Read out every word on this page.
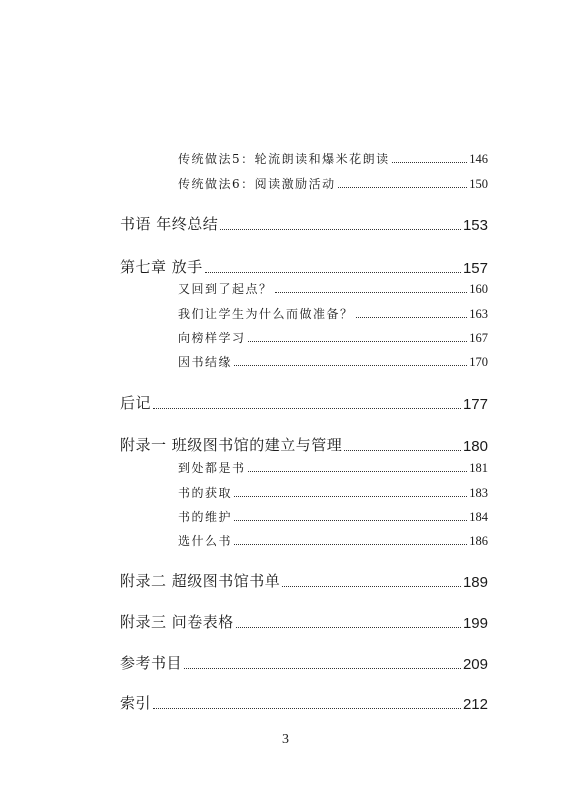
传统做法5：轮流朗读和爆米花朗读	146
传统做法6：阅读激励活动	150
书语 年终总结	153
第七章 放手	157
又回到了起点？	160
我们让学生为什么而做准备？	163
向榜样学习	167
因书结缘	170
后记	177
附录一 班级图书馆的建立与管理	180
到处都是书	181
书的获取	183
书的维护	184
选什么书	186
附录二 超级图书馆书单	189
附录三 问卷表格	199
参考书目	209
索引	212
3
